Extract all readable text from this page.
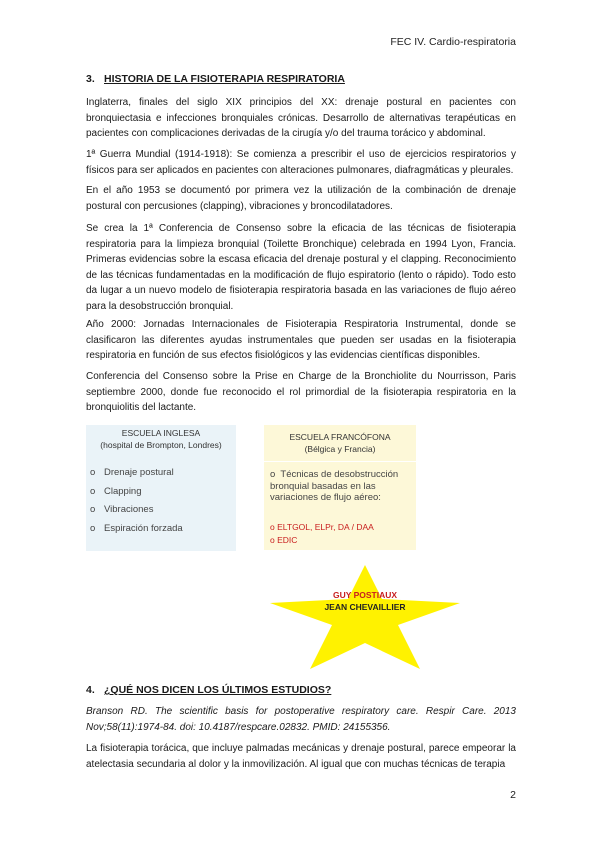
FEC IV. Cardio-respiratoria
3. HISTORIA DE LA FISIOTERAPIA RESPIRATORIA

Inglaterra, finales del siglo XIX principios del XX: drenaje postural en pacientes con bronquiectasia e infecciones bronquiales crónicas. Desarrollo de alternativas terapéuticas en pacientes con complicaciones derivadas de la cirugía y/o del trauma torácico y abdominal.

1ª Guerra Mundial (1914-1918): Se comienza a prescribir el uso de ejercicios respiratorios y físicos para ser aplicados en pacientes con alteraciones pulmonares, diafragmáticas y pleurales.

En el año 1953 se documentó por primera vez la utilización de la combinación de drenaje postural con percusiones (clapping), vibraciones y broncodilatadores.

Se crea la 1ª Conferencia de Consenso sobre la eficacia de las técnicas de fisioterapia respiratoria para la limpieza bronquial (Toilette Bronchique) celebrada en 1994 Lyon, Francia. Primeras evidencias sobre la escasa eficacia del drenaje postural y el clapping. Reconocimiento de las técnicas fundamentadas en la modificación de flujo espiratorio (lento o rápido). Todo esto da lugar a un nuevo modelo de fisioterapia respiratoria basada en las variaciones de flujo aéreo para la desobstrucción bronquial.

Año 2000: Jornadas Internacionales de Fisioterapia Respiratoria Instrumental, donde se clasificaron las diferentes ayudas instrumentales que pueden ser usadas en la fisioterapia respiratoria en función de sus efectos fisiológicos y las evidencias científicas disponibles.

Conferencia del Consenso sobre la Prise en Charge de la Bronchiolite du Nourrisson, Paris septiembre 2000, donde fue reconocido el rol primordial de la fisioterapia respiratoria en la bronquiolitis del lactante.

ESCUELA INGLESA
(hospital de Brompton, Londres)
o Drenaje postural
o Clapping
o Vibraciones
o Espiración forzada
ESCUELA FRANCÓFONA
(Bélgica y Francia)
o Técnicas de desobstrucción bronquial basadas en las variaciones de flujo aéreo:
o ELTGOL, ELPr, DA / DAA
o EDIC
GUY POSTIAUX
JEAN CHEVAILLIER
4. ¿QUÉ NOS DICEN LOS ÚLTIMOS ESTUDIOS?

Branson RD. The scientific basis for postoperative respiratory care. Respir Care. 2013 Nov;58(11):1974-84. doi: 10.4187/respcare.02832. PMID: 24155356.

La fisioterapia torácica, que incluye palmadas mecánicas y drenaje postural, parece empeorar la atelectasia secundaria al dolor y la inmovilización. Al igual que con muchas técnicas de terapia

2
